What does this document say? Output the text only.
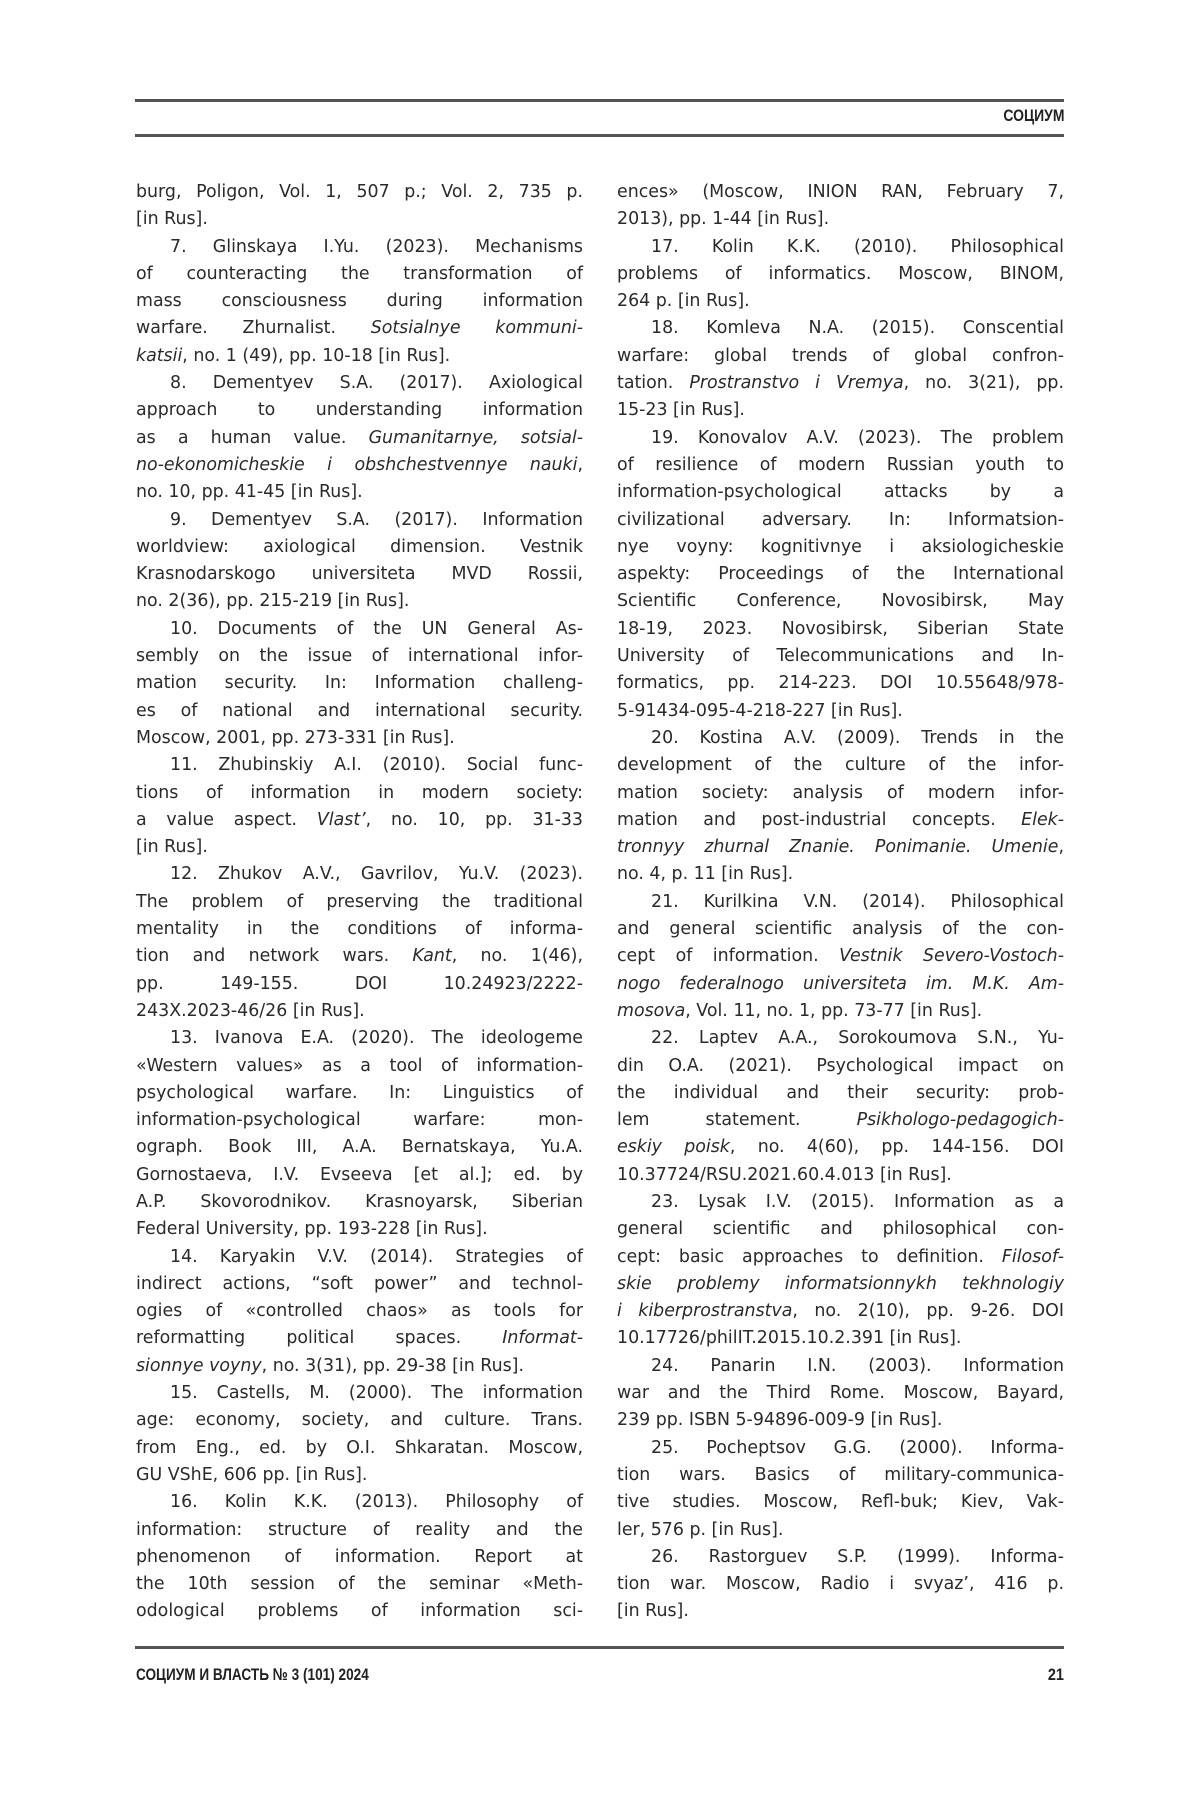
СОЦИУМ
burg, Poligon, Vol. 1, 507 p.; Vol. 2, 735 p.
[in Rus].
7. Glinskaya I.Yu. (2023). Mechanisms
of counteracting the transformation of
mass consciousness during information
warfare. Zhurnalist. Sotsialnye kommuni-
katsii, no. 1 (49), pp. 10-18 [in Rus].
8. Dementyev S.A. (2017). Axiological
approach to understanding information
as a human value. Gumanitarnye, sotsial-
no-ekonomicheskie i obshchestvennye nauki,
no. 10, pp. 41-45 [in Rus].
9. Dementyev S.A. (2017). Information
worldview: axiological dimension. Vestnik
Krasnodarskogo universiteta MVD Rossii,
no. 2(36), pp. 215-219 [in Rus].
10. Documents of the UN General As-
sembly on the issue of international infor-
mation security. In: Information challeng-
es of national and international security.
Moscow, 2001, pp. 273-331 [in Rus].
11. Zhubinskiy A.I. (2010). Social func-
tions of information in modern society:
a value aspect. Vlast’, no. 10, pp. 31-33
[in Rus].
12. Zhukov A.V., Gavrilov, Yu.V. (2023).
The problem of preserving the traditional
mentality in the conditions of informa-
tion and network wars. Kant, no. 1(46),
pp. 149-155. DOI 10.24923/2222-
243X.2023-46/26 [in Rus].
13. Ivanova E.A. (2020). The ideologeme
«Western values» as a tool of information-
psychological warfare. In: Linguistics of
information-psychological warfare: mon-
ograph. Book III, A.A. Bernatskaya, Yu.A.
Gornostaeva, I.V. Evseeva [et al.]; ed. by
A.P. Skovorodnikov. Krasnoyarsk, Siberian
Federal University, pp. 193-228 [in Rus].
14. Karyakin V.V. (2014). Strategies of
indirect actions, “soft power” and technol-
ogies of «controlled chaos» as tools for
reformatting political spaces. Informat-
sionnye voyny, no. 3(31), pp. 29-38 [in Rus].
15. Castells, M. (2000). The information
age: economy, society, and culture. Trans.
from Eng., ed. by O.I. Shkaratan. Moscow,
GU VShE, 606 pp. [in Rus].
16. Kolin K.K. (2013). Philosophy of
information: structure of reality and the
phenomenon of information. Report at
the 10th session of the seminar «Meth-
odological problems of information sci-
ences» (Moscow, INION RAN, February 7,
2013), pp. 1-44 [in Rus].
17. Kolin K.K. (2010). Philosophical
problems of informatics. Moscow, BINOM,
264 p. [in Rus].
18. Komleva N.A. (2015). Conscential
warfare: global trends of global confron-
tation. Prostranstvo i Vremya, no. 3(21), pp.
15-23 [in Rus].
19. Konovalov A.V. (2023). The problem
of resilience of modern Russian youth to
information-psychological attacks by a
civilizational adversary. In: Informatsion-
nye voyny: kognitivnye i aksiologicheskie
aspekty: Proceedings of the International
Scientific Conference, Novosibirsk, May
18-19, 2023. Novosibirsk, Siberian State
University of Telecommunications and In-
formatics, pp. 214-223. DOI 10.55648/978-
5-91434-095-4-218-227 [in Rus].
20. Kostina A.V. (2009). Trends in the
development of the culture of the infor-
mation society: analysis of modern infor-
mation and post-industrial concepts. Elek-
tronnyy zhurnal Znanie. Ponimanie. Umenie,
no. 4, p. 11 [in Rus].
21. Kurilkina V.N. (2014). Philosophical
and general scientific analysis of the con-
cept of information. Vestnik Severo-Vostoch-
nogo federalnogo universiteta im. M.K. Am-
mosova, Vol. 11, no. 1, pp. 73-77 [in Rus].
22. Laptev A.A., Sorokoumova S.N., Yu-
din O.A. (2021). Psychological impact on
the individual and their security: prob-
lem statement. Psikhologo-pedagogich-
eskiy poisk, no. 4(60), pp. 144-156. DOI
10.37724/RSU.2021.60.4.013 [in Rus].
23. Lysak I.V. (2015). Information as a
general scientific and philosophical con-
cept: basic approaches to definition. Filosof-
skie problemy informatsionnykh tekhnologiy
i kiberprostranstva, no. 2(10), pp. 9-26. DOI
10.17726/philIT.2015.10.2.391 [in Rus].
24. Panarin I.N. (2003). Information
war and the Third Rome. Moscow, Bayard,
239 pp. ISBN 5-94896-009-9 [in Rus].
25. Pocheptsov G.G. (2000). Informa-
tion wars. Basics of military-communica-
tive studies. Moscow, Refl-buk; Kiev, Vak-
ler, 576 p. [in Rus].
26. Rastorguev S.P. (1999). Informa-
tion war. Moscow, Radio i svyaz’, 416 p.
[in Rus].
СОЦИУМ И ВЛАСТЬ № 3 (101) 2024	21
